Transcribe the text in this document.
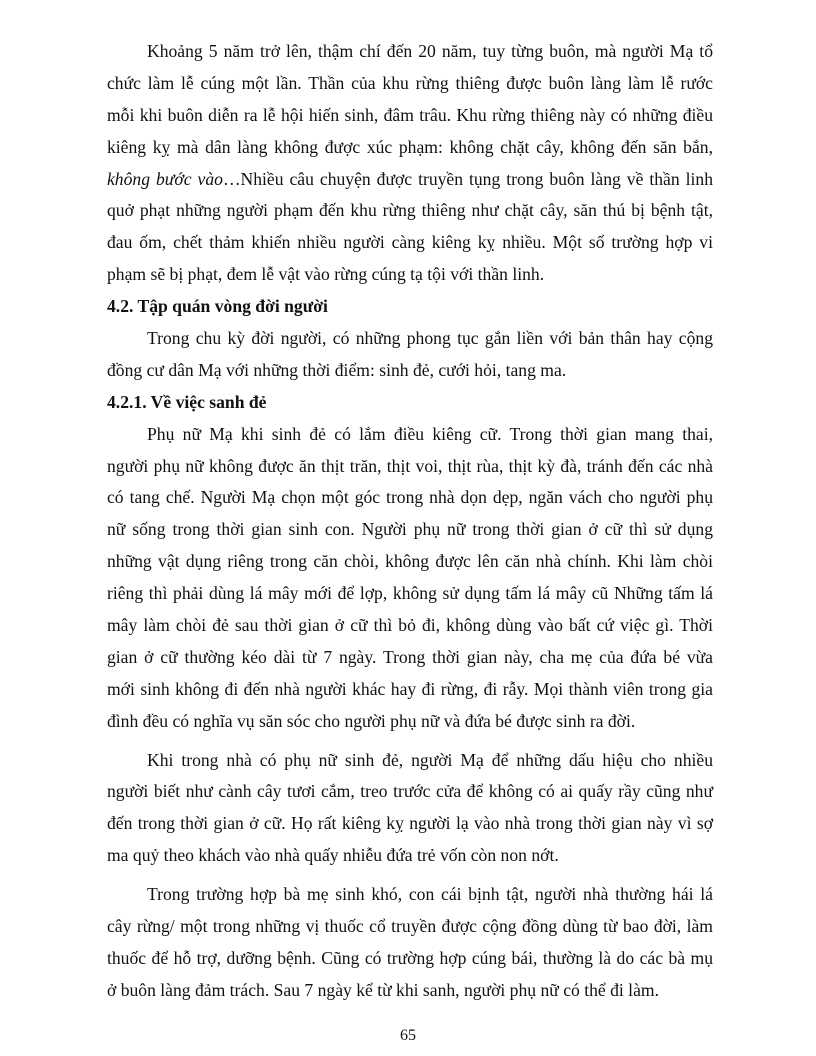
Khoảng 5 năm trở lên, thậm chí đến 20 năm, tuy từng buôn, mà người Mạ tổ
chức làm lễ cúng một lần. Thần của khu rừng thiêng được buôn làng làm lễ rước
mỗi khi buôn diễn ra lễ hội hiến sinh, đâm trâu. Khu rừng thiêng này có những điều
kiêng kỵ mà dân làng không được xúc phạm: không chặt cây, không đến săn bắn,
không bước vào…Nhiều câu chuyện được truyền tụng trong buôn làng về thần linh
quở phạt những người phạm đến khu rừng thiêng như chặt cây, săn thú bị bệnh tật,
đau ốm, chết thảm khiến nhiều người càng kiêng kỵ nhiều. Một số trường hợp vi
phạm sẽ bị phạt, đem lễ vật vào rừng cúng tạ tội với thần linh.
4.2. Tập quán vòng đời người
Trong chu kỳ đời người, có những phong tục gắn liền với bản thân hay cộng
đồng cư dân Mạ với những thời điểm: sinh đẻ, cưới hỏi, tang ma.
4.2.1. Về việc sanh đẻ
Phụ nữ Mạ khi sinh đẻ có lắm điều kiêng cữ. Trong thời gian mang thai,
người phụ nữ không được ăn thịt trăn, thịt voi, thịt rùa, thịt kỳ đà, tránh đến các nhà
có tang chế. Người Mạ chọn một góc trong nhà dọn dẹp, ngăn vách cho người phụ
nữ sống trong thời gian sinh con. Người phụ nữ trong thời gian ở cữ thì sử dụng
những vật dụng riêng trong căn chòi, không được lên căn nhà chính. Khi làm chòi
riêng thì phải dùng lá mây mới để lợp, không sử dụng tấm lá mây cũ Những tấm lá
mây làm chòi đẻ sau thời gian ở cữ thì bỏ đi, không dùng vào bất cứ việc gì. Thời
gian ở cữ thường kéo dài từ 7 ngày. Trong thời gian này, cha mẹ của đứa bé vừa
mới sinh không đi đến nhà người khác hay đi rừng, đi rẫy. Mọi thành viên trong gia
đình đều có nghĩa vụ săn sóc cho người phụ nữ và đứa bé được sinh ra đời.
Khi trong nhà có phụ nữ sinh đẻ, người Mạ để những dấu hiệu cho nhiều
người biết như cành cây tươi cắm, treo trước cửa để không có ai quấy rầy cũng như
đến trong thời gian ở cữ. Họ rất kiêng kỵ người lạ vào nhà trong thời gian này vì sợ
ma quỷ theo khách vào nhà quấy nhiễu đứa trẻ vốn còn non nớt.
Trong trường hợp bà mẹ sinh khó, con cái bịnh tật, người nhà thường hái lá
cây rừng/ một trong những vị thuốc cổ truyền được cộng đồng dùng từ bao đời, làm
thuốc để hỗ trợ, dưỡng bệnh. Cũng có trường hợp cúng bái, thường là do các bà mụ
ở buôn làng đảm trách. Sau 7 ngày kể từ khi sanh, người phụ nữ có thể đi làm.
65
